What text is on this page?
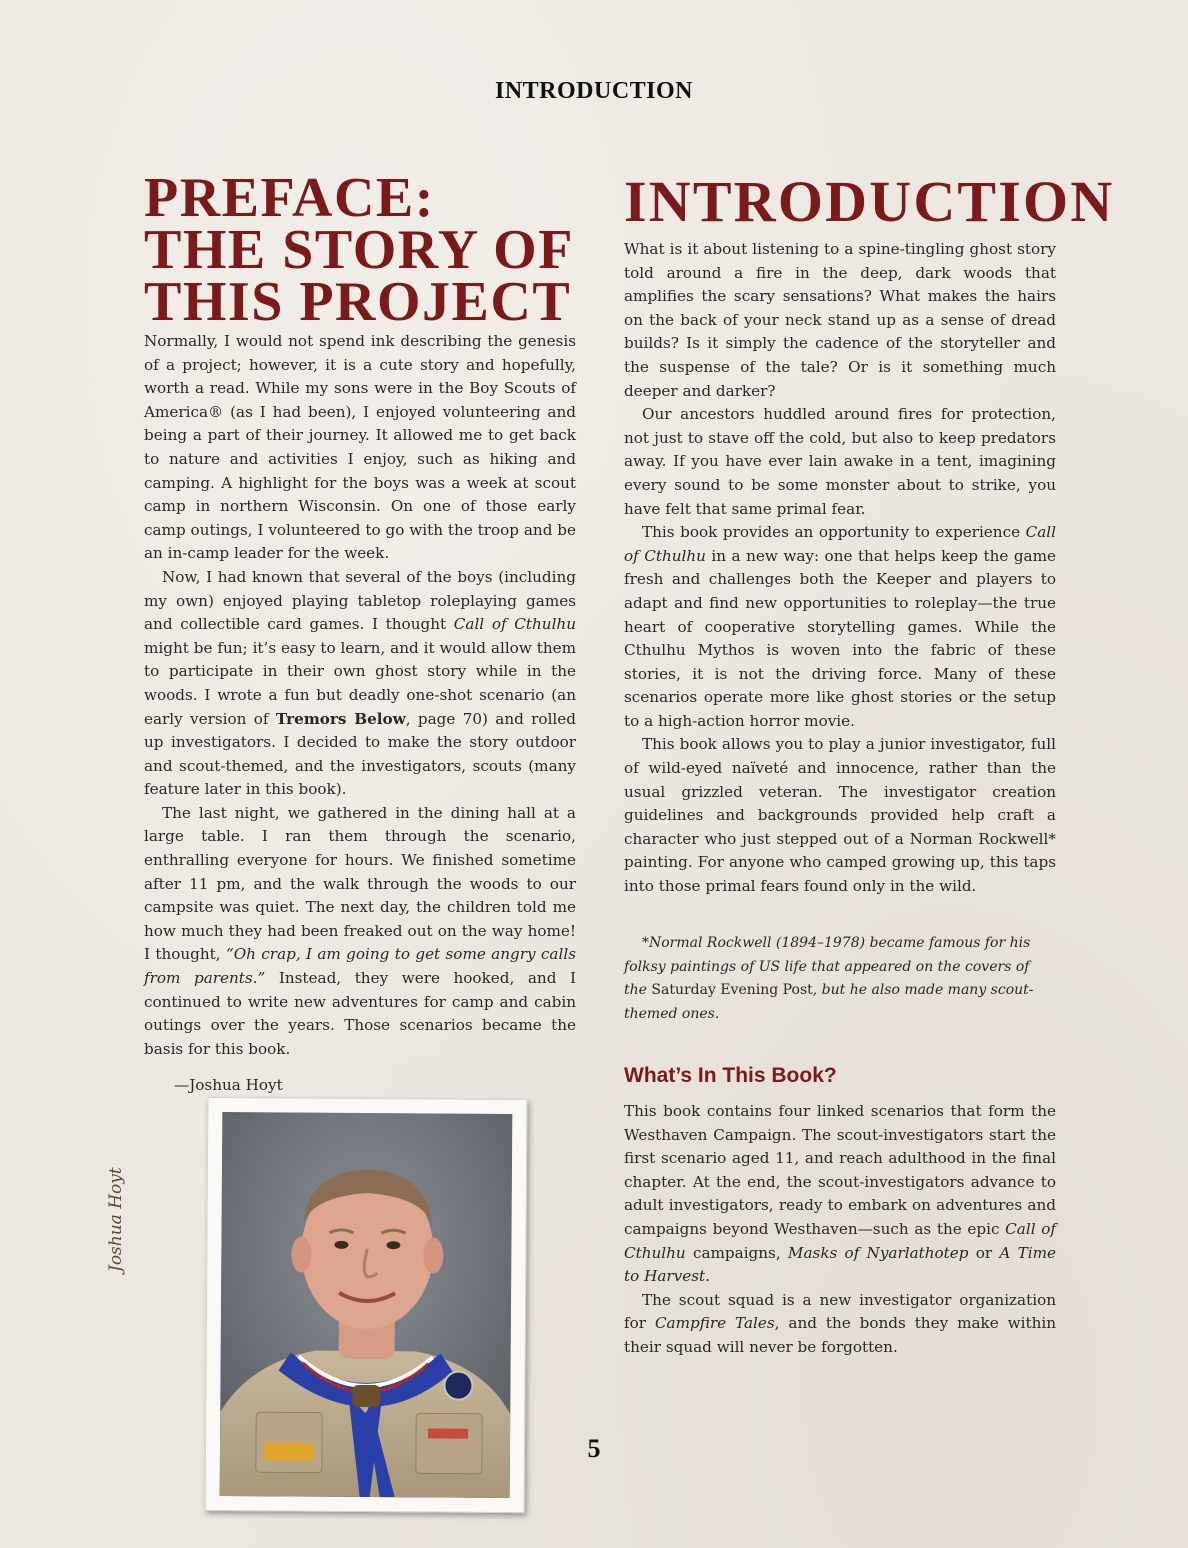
INTRODUCTION
PREFACE:
THE STORY OF
THIS PROJECT

Normally, I would not spend ink describing the genesis of a project; however, it is a cute story and hopefully, worth a read. While my sons were in the Boy Scouts of America® (as I had been), I enjoyed volunteering and being a part of their journey. It allowed me to get back to nature and activities I enjoy, such as hiking and camping. A highlight for the boys was a week at scout camp in northern Wisconsin. On one of those early camp outings, I volunteered to go with the troop and be an in-camp leader for the week.

Now, I had known that several of the boys (including my own) enjoyed playing tabletop roleplaying games and collectible card games. I thought Call of Cthulhu might be fun; it’s easy to learn, and it would allow them to participate in their own ghost story while in the woods. I wrote a fun but deadly one-shot scenario (an early version of Tremors Below, page 70) and rolled up investigators. I decided to make the story outdoor and scout-themed, and the investigators, scouts (many feature later in this book).

The last night, we gathered in the dining hall at a large table. I ran them through the scenario, enthralling everyone for hours. We finished sometime after 11 pm, and the walk through the woods to our campsite was quiet. The next day, the children told me how much they had been freaked out on the way home! I thought, “Oh crap, I am going to get some angry calls from parents.” Instead, they were hooked, and I continued to write new adventures for camp and cabin outings over the years. Those scenarios became the basis for this book.

—Joshua Hoyt
Joshua Hoyt
INTRODUCTION

What is it about listening to a spine-tingling ghost story told around a fire in the deep, dark woods that amplifies the scary sensations? What makes the hairs on the back of your neck stand up as a sense of dread builds? Is it simply the cadence of the storyteller and the suspense of the tale? Or is it something much deeper and darker?

Our ancestors huddled around fires for protection, not just to stave off the cold, but also to keep predators away. If you have ever lain awake in a tent, imagining every sound to be some monster about to strike, you have felt that same primal fear.

This book provides an opportunity to experience Call of Cthulhu in a new way: one that helps keep the game fresh and challenges both the Keeper and players to adapt and find new opportunities to roleplay—the true heart of cooperative storytelling games. While the Cthulhu Mythos is woven into the fabric of these stories, it is not the driving force. Many of these scenarios operate more like ghost stories or the setup to a high-action horror movie.

This book allows you to play a junior investigator, full of wild-eyed naïveté and innocence, rather than the usual grizzled veteran. The investigator creation guidelines and backgrounds provided help craft a character who just stepped out of a Norman Rockwell* painting. For anyone who camped growing up, this taps into those primal fears found only in the wild.

*Normal Rockwell (1894–1978) became famous for his folksy paintings of US life that appeared on the covers of the Saturday Evening Post, but he also made many scout-themed ones.

What’s In This Book?

This book contains four linked scenarios that form the Westhaven Campaign. The scout-investigators start the first scenario aged 11, and reach adulthood in the final chapter. At the end, the scout-investigators advance to adult investigators, ready to embark on adventures and campaigns beyond Westhaven—such as the epic Call of Cthulhu campaigns, Masks of Nyarlathotep or A Time to Harvest.

The scout squad is a new investigator organization for Campfire Tales, and the bonds they make within their squad will never be forgotten.

5
